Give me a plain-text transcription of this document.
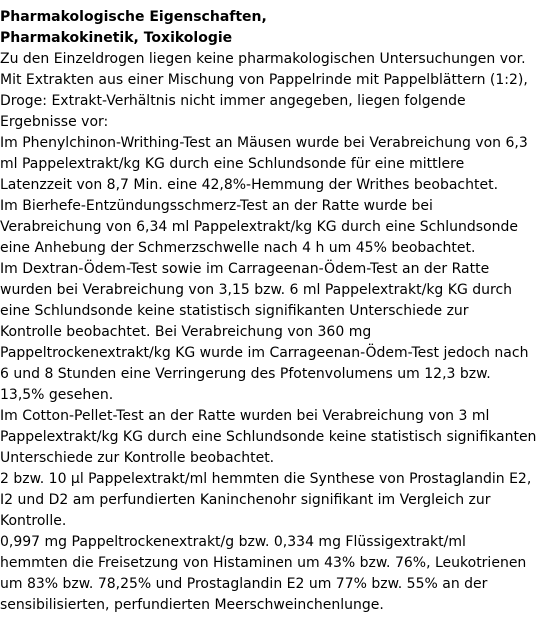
Pharmakologische Eigenschaften,
Pharmakokinetik, Toxikologie
Zu den Einzeldrogen liegen keine pharmakologischen Untersuchungen vor.
Mit Extrakten aus einer Mischung von Pappelrinde mit Pappelblättern (1:2),
Droge: Extrakt-Verhältnis nicht immer angegeben, liegen folgende
Ergebnisse vor:
Im Phenylchinon-Writhing-Test an Mäusen wurde bei Verabreichung von 6,3
ml Pappelextrakt/kg KG durch eine Schlundsonde für eine mittlere
Latenzzeit von 8,7 Min. eine 42,8%-Hemmung der Writhes beobachtet.
Im Bierhefe-Entzündungsschmerz-Test an der Ratte wurde bei
Verabreichung von 6,34 ml Pappelextrakt/kg KG durch eine Schlundsonde
eine Anhebung der Schmerzschwelle nach 4 h um 45% beobachtet.
Im Dextran-Ödem-Test sowie im Carrageenan-Ödem-Test an der Ratte
wurden bei Verabreichung von 3,15 bzw. 6 ml Pappelextrakt/kg KG durch
eine Schlundsonde keine statistisch signifikanten Unterschiede zur
Kontrolle beobachtet. Bei Verabreichung von 360 mg
Pappeltrockenextrakt/kg KG wurde im Carrageenan-Ödem-Test jedoch nach
6 und 8 Stunden eine Verringerung des Pfotenvolumens um 12,3 bzw.
13,5% gesehen.
Im Cotton-Pellet-Test an der Ratte wurden bei Verabreichung von 3 ml
Pappelextrakt/kg KG durch eine Schlundsonde keine statistisch signifikanten
Unterschiede zur Kontrolle beobachtet.
2 bzw. 10 µl Pappelextrakt/ml hemmten die Synthese von Prostaglandin E2,
I2 und D2 am perfundierten Kaninchenohr signifikant im Vergleich zur
Kontrolle.
0,997 mg Pappeltrockenextrakt/g bzw. 0,334 mg Flüssigextrakt/ml
hemmten die Freisetzung von Histaminen um 43% bzw. 76%, Leukotrienen
um 83% bzw. 78,25% und Prostaglandin E2 um 77% bzw. 55% an der
sensibilisierten, perfundierten Meerschweinchenlunge.
